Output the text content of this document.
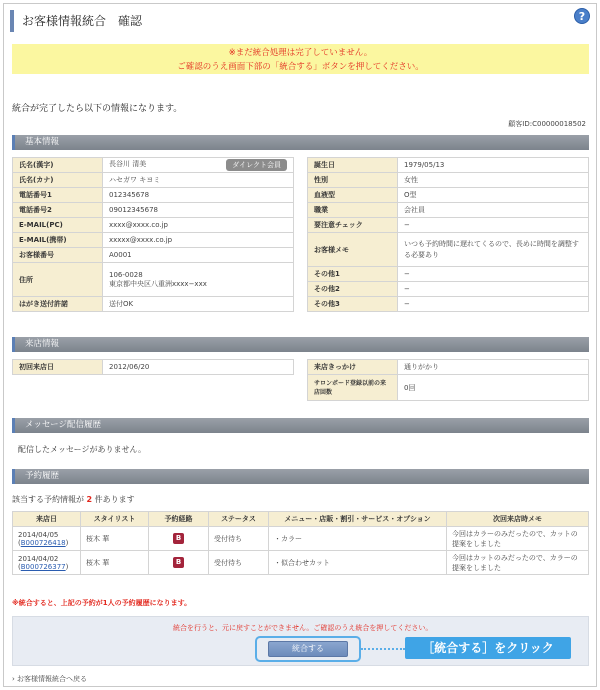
お客様情報統合　確認	?
※まだ統合処理は完了していません。
ご確認のうえ画面下部の「統合する」ボタンを押してください。
統合が完了したら以下の情報になります。
顧客ID:C00000018502
基本情報
氏名(漢字)	長谷川 清美 ダイレクト会員

氏名(カナ)	ハセガワ キヨミ
電話番号1	012345678
電話番号2	09012345678
E-MAIL(PC)	xxxx@xxxx.co.jp
E-MAIL(携帯)	xxxxx@xxxx.co.jp
お客様番号	A0001
住所	106-0028
東京都中央区八重洲xxxx−xxx

はがき送付許諾	送付OK
誕生日	1979/05/13
性別	女性
血液型	O型
職業	会社員
要注意チェック	−
お客様メモ	いつも予約時間に遅れてくるので、長めに時間を調整する必要あり
その他1	−
その他2	−
その他3	−
来店情報
初回来店日	2012/06/20	来店きっかけ	通りがかり
サロンボード登録以前の来店回数	0回
メッセージ配信履歴
配信したメッセージがありません。
予約履歴
該当する予約情報が 2 件あります
来店日	スタイリスト	予約経路	ステータス	メニュー・店販・割引・サービス・オプション	次回来店時メモ

2014/04/05
(B000726418)	桜木 華	B	受付待ち	・カラー	今回はカラーのみだったので、カットの提案をしました

2014/04/02
(B000726377)	桜木 華	B	受付待ち	・似合わせカット	今回はカットのみだったので、カラーの提案をしました
※統合すると、上記の予約が1人の予約履歴になります。
統合を行うと、元に戻すことができません。ご確認のうえ統合を押してください。
統合する	［統合する］をクリック
› お客様情報統合へ戻る
